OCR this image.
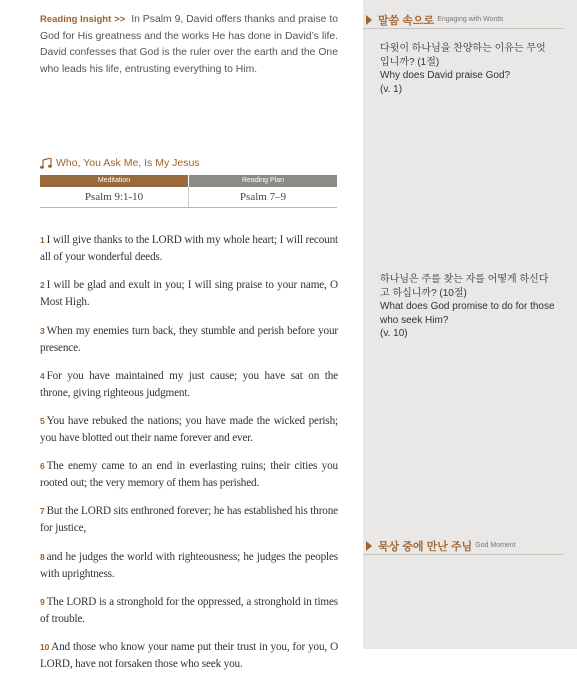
Reading Insight >> In Psalm 9, David offers thanks and praise to God for His greatness and the works He has done in David’s life. David confesses that God is the ruler over the earth and the One who leads his life, entrusting everything to Him.
Who, You Ask Me, Is My Jesus
Meditation	Reading Plan
Psalm 9:1-10	Psalm 7–9

1 I will give thanks to the LORD with my whole heart; I will recount all of your wonderful deeds.

2 I will be glad and exult in you; I will sing praise to your name, O Most High.

3 When my enemies turn back, they stumble and perish before your presence.

4 For you have maintained my just cause; you have sat on the throne, giving righteous judgment.

5 You have rebuked the nations; you have made the wicked perish; you have blotted out their name forever and ever.

6 The enemy came to an end in everlasting ruins; their cities you rooted out; the very memory of them has perished.

7 But the LORD sits enthroned forever; he has established his throne for justice,

8 and he judges the world with righteousness; he judges the peoples with uprightness.

9 The LORD is a stronghold for the oppressed, a stronghold in times of trouble.

10 And those who know your name put their trust in you, for you, O LORD, have not forsaken those who seek you.

말씀 속으로 Engaging with Words

다윗이 하나님을 찬양하는 이유는 무엇입니까? (1절)

Why does David praise God?

(v. 1)

하나님은 주를 찾는 자를 어떻게 하신다고 하십니까? (10절)

What does God promise to do for those who seek Him?

(v. 10)

묵상 중에 만난 주님 God Moment
